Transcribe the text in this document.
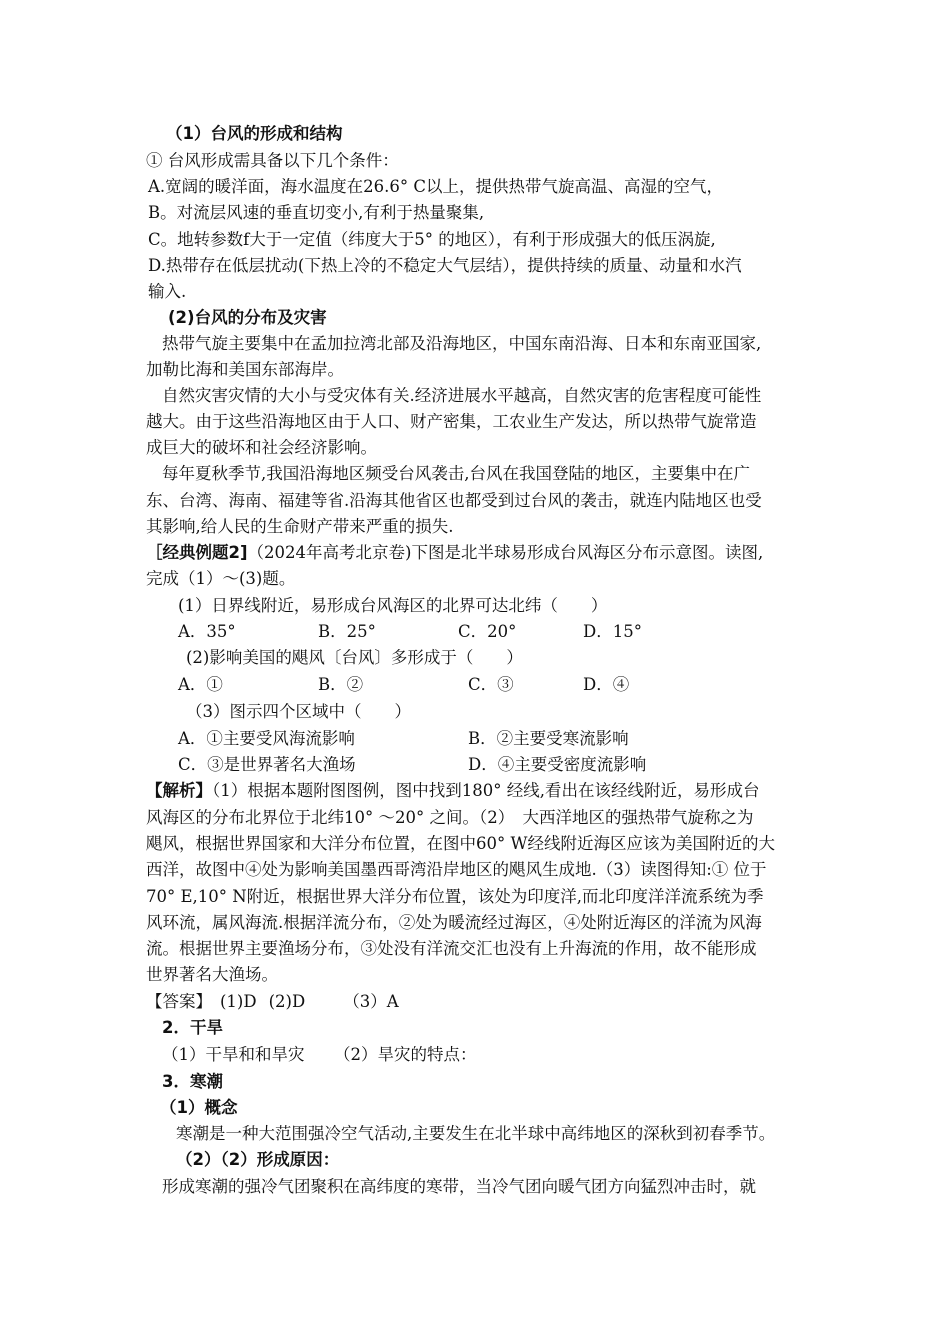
（1）台风的形成和结构
① 台风形成需具备以下几个条件：
A.宽阔的暖洋面，海水温度在26.6° C以上，提供热带气旋高温、高湿的空气，
B。对流层风速的垂直切变小,有利于热量聚集,
C。地转参数f大于一定值（纬度大于5° 的地区），有利于形成强大的低压涡旋,
D.热带存在低层扰动(下热上冷的不稳定大气层结），提供持续的质量、动量和水汽
输入.
(2)台风的分布及灾害
热带气旋主要集中在孟加拉湾北部及沿海地区，中国东南沿海、日本和东南亚国家,
加勒比海和美国东部海岸。
自然灾害灾情的大小与受灾体有关.经济进展水平越高，自然灾害的危害程度可能性
越大。由于这些沿海地区由于人口、财产密集，工农业生产发达，所以热带气旋常造
成巨大的破坏和社会经济影响。
每年夏秋季节,我国沿海地区频受台风袭击,台风在我国登陆的地区，主要集中在广
东、台湾、海南、福建等省.沿海其他省区也都受到过台风的袭击，就连内陆地区也受
其影响,给人民的生命财产带来严重的损失.
［经典例题2]（2024年高考北京卷)下图是北半球易形成台风海区分布示意图。读图,
完成（1）～(3)题。
(1）日界线附近，易形成台风海区的北界可达北纬（　　）
A．35°	B．25°	C．20°	D．15°
(2)影响美国的飓风〔台风〕多形成于（　　）
A．①	B．②	C．③	D．④
（3）图示四个区域中（　　）
A．①主要受风海流影响	B．②主要受寒流影响
C．③是世界著名大渔场	D．④主要受密度流影响
【解析】（1）根据本题附图图例，图中找到180° 经线,看出在该经线附近，易形成台
风海区的分布北界位于北纬10° ～20° 之间。（2）　大西洋地区的强热带气旋称之为
飓风，根据世界国家和大洋分布位置，在图中60° W经线附近海区应该为美国附近的大
西洋，故图中④处为影响美国墨西哥湾沿岸地区的飓风生成地.（3）读图得知:① 位于
70° E,10° N附近，根据世界大洋分布位置，该处为印度洋,而北印度洋洋流系统为季
风环流，属风海流.根据洋流分布，②处为暖流经过海区，④处附近海区的洋流为风海
流。根据世界主要渔场分布，③处没有洋流交汇也没有上升海流的作用，故不能形成
世界著名大渔场。
【答案】 (1)D (2)D （3）A
2．干旱
（1）干旱和和旱灾 （2）旱灾的特点：
3．寒潮
（1）概念
寒潮是一种大范围强冷空气活动,主要发生在北半球中高纬地区的深秋到初春季节。
（2）（2）形成原因：
形成寒潮的强冷气团聚积在高纬度的寒带，当冷气团向暖气团方向猛烈冲击时，就
